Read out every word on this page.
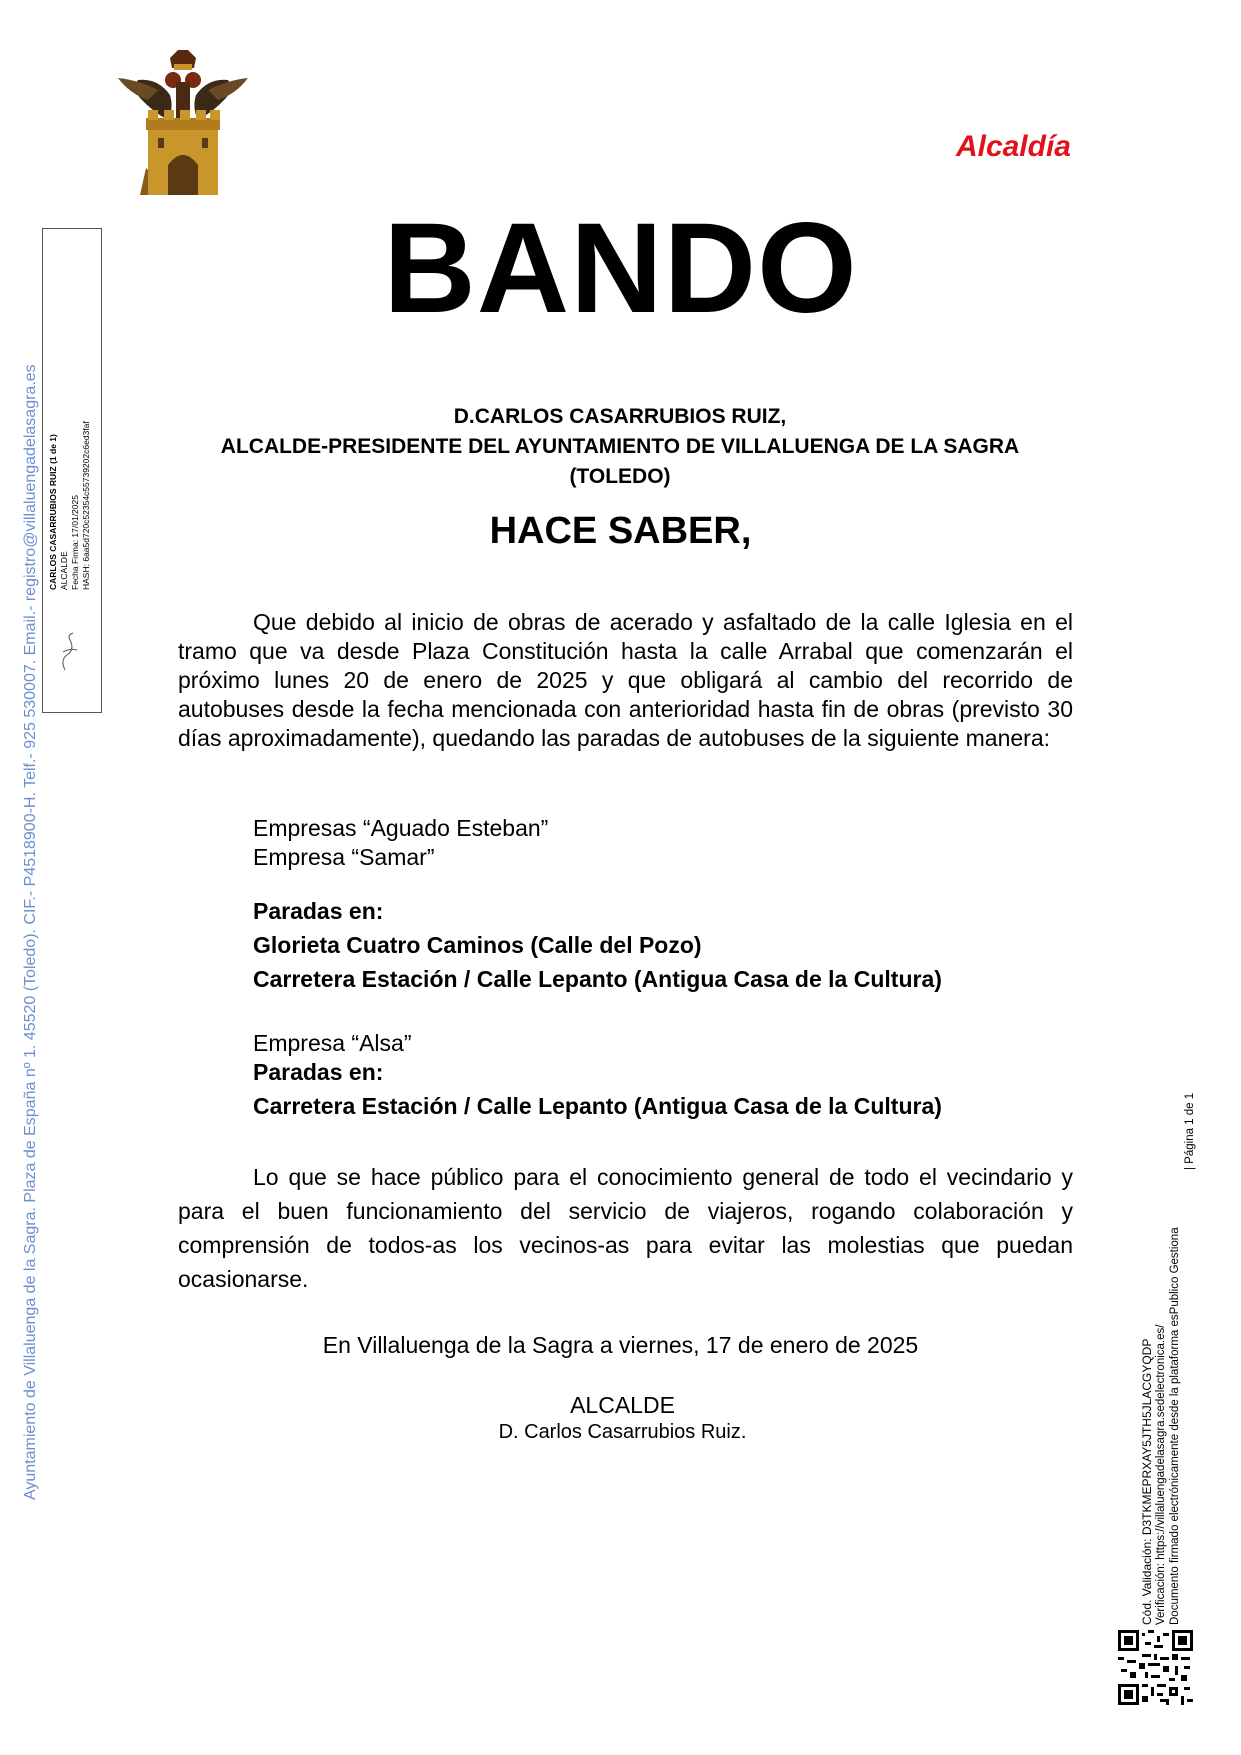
Alcaldía
BANDO
D.CARLOS CASARRUBIOS RUIZ,
ALCALDE-PRESIDENTE DEL AYUNTAMIENTO DE VILLALUENGA DE LA SAGRA
(TOLEDO)
HACE SABER,
Que debido al inicio de obras de acerado y asfaltado de la calle Iglesia en el tramo que va desde Plaza Constitución hasta la calle Arrabal que comenzarán el próximo lunes 20 de enero de 2025 y que obligará al cambio del recorrido de autobuses desde la fecha mencionada con anterioridad hasta fin de obras (previsto 30 días aproximadamente), quedando las paradas de autobuses de la siguiente manera:
Empresas “Aguado Esteban”
Empresa “Samar”
Paradas en:
Glorieta Cuatro Caminos (Calle del Pozo)
Carretera Estación / Calle Lepanto (Antigua Casa de la Cultura)
Empresa “Alsa”
Paradas en:
Carretera Estación / Calle Lepanto (Antigua Casa de la Cultura)
Lo que se hace público para el conocimiento general de todo el vecindario y para el buen funcionamiento del servicio de viajeros, rogando colaboración y comprensión de todos-as los vecinos-as para evitar las molestias que puedan ocasionarse.
En Villaluenga de la Sagra a viernes, 17 de enero de 2025
ALCALDE
D. Carlos Casarrubios Ruiz.
Ayuntamiento de Villaluenga de la Sagra. Plaza de España nº 1. 45520 (Toledo). CIF.- P4518900-H. Telf.- 925 530007. Email.- registro@villaluengadelasagra.es CARLOS CASARRUBIOS RUIZ (1 de 1) ALCALDE Fecha Firma: 17/01/2025 HASH: 6aa5d720c52354c55739202c6ed3faf
Cód. Validación: D3TKMEPRXAY5JTH5JLACGYQDP Verificación: https://villaluengadelasagra.sedelectronica.es/ Documento firmado electrónicamente desde la plataforma esPublico Gestiona
| Página 1 de 1
